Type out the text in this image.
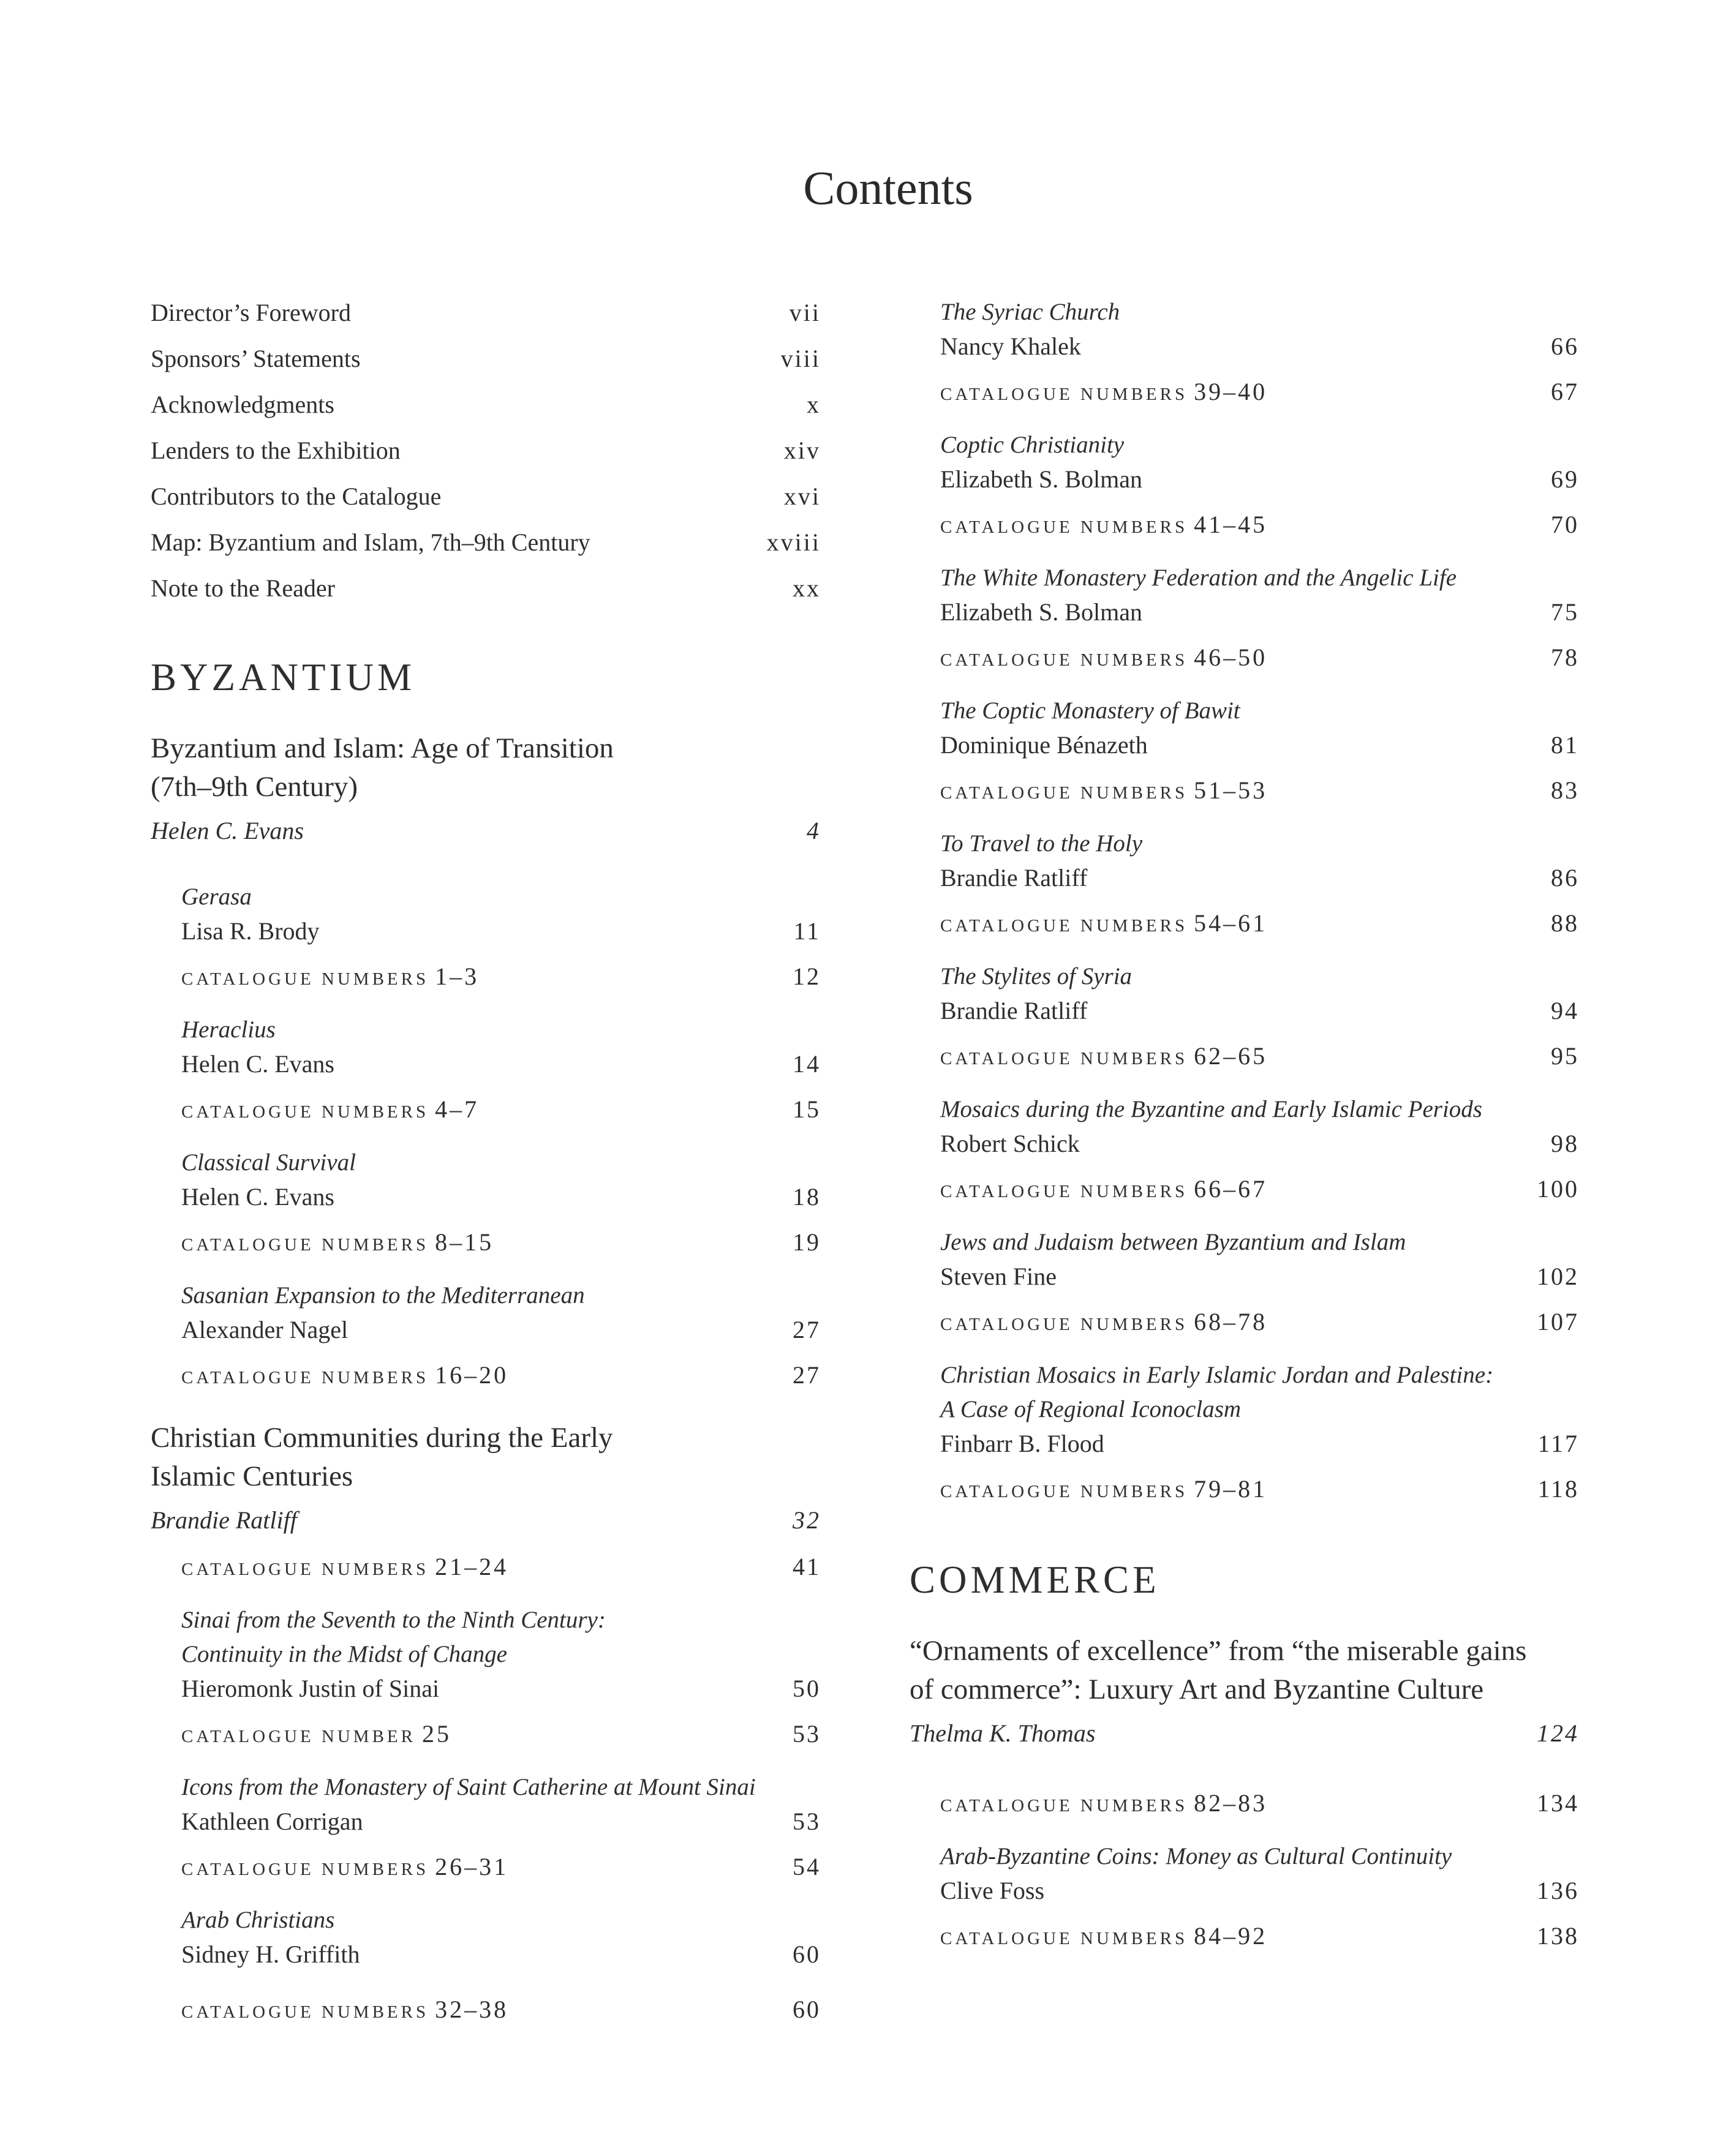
Contents
Director’s Foreword	vii
Sponsors’ Statements	viii
Acknowledgments	x
Lenders to the Exhibition	xiv
Contributors to the Catalogue	xvi
Map: Byzantium and Islam, 7th–9th Century	xviii
Note to the Reader	xx
BYZANTIUM
Byzantium and Islam: Age of Transition
(7th–9th Century)
Helen C. Evans	4
Gerasa
Lisa R. Brody	11
CATALOGUE NUMBERS 1–3	12
Heraclius
Helen C. Evans	14
CATALOGUE NUMBERS 4–7	15
Classical Survival
Helen C. Evans	18
CATALOGUE NUMBERS 8–15	19
Sasanian Expansion to the Mediterranean
Alexander Nagel	27
CATALOGUE NUMBERS 16–20	27
Christian Communities during the Early
Islamic Centuries
Brandie Ratliff	32
CATALOGUE NUMBERS 21–24	41
Sinai from the Seventh to the Ninth Century:
Continuity in the Midst of Change
Hieromonk Justin of Sinai	50
CATALOGUE NUMBER 25	53
Icons from the Monastery of Saint Catherine at Mount Sinai
Kathleen Corrigan	53
CATALOGUE NUMBERS 26–31	54
Arab Christians
Sidney H. Griffith	60
CATALOGUE NUMBERS 32–38	60
The Syriac Church
Nancy Khalek	66
CATALOGUE NUMBERS 39–40	67
Coptic Christianity
Elizabeth S. Bolman	69
CATALOGUE NUMBERS 41–45	70
The White Monastery Federation and the Angelic Life
Elizabeth S. Bolman	75
CATALOGUE NUMBERS 46–50	78
The Coptic Monastery of Bawit
Dominique Bénazeth	81
CATALOGUE NUMBERS 51–53	83
To Travel to the Holy
Brandie Ratliff	86
CATALOGUE NUMBERS 54–61	88
The Stylites of Syria
Brandie Ratliff	94
CATALOGUE NUMBERS 62–65	95
Mosaics during the Byzantine and Early Islamic Periods
Robert Schick	98
CATALOGUE NUMBERS 66–67	100
Jews and Judaism between Byzantium and Islam
Steven Fine	102
CATALOGUE NUMBERS 68–78	107
Christian Mosaics in Early Islamic Jordan and Palestine:
A Case of Regional Iconoclasm
Finbarr B. Flood	117
CATALOGUE NUMBERS 79–81	118
COMMERCE
“Ornaments of excellence” from “the miserable gains
of commerce”: Luxury Art and Byzantine Culture
Thelma K. Thomas	124
CATALOGUE NUMBERS 82–83	134
Arab-Byzantine Coins: Money as Cultural Continuity
Clive Foss	136
CATALOGUE NUMBERS 84–92	138
